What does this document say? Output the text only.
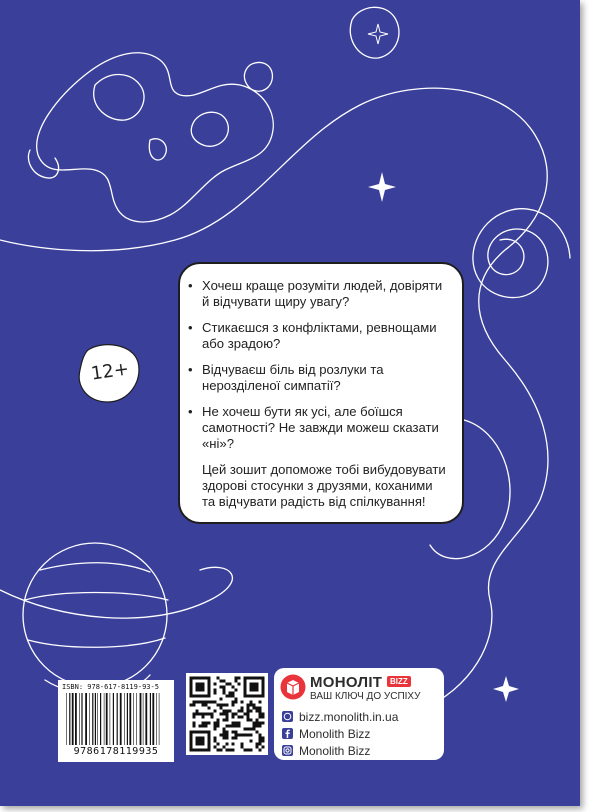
12+
• Хочеш краще розуміти людей, довіряти й відчувати щиру увагу?
• Стикаєшся з конфліктами, ревнощами або зрадою?
• Відчуваєш біль від розлуки та нерозділеної симпатії?
• Не хочеш бути як усі, але боїшся самотності? Не завжди можеш сказати «ні»?
Цей зошит допоможе тобі вибудовувати здорові стосунки з друзями, коханими та відчувати радість від спілкування!
ISBN: 978-617-8119-93-5
9786178119935
МОНОЛІТ BIZZ
ВАШ КЛЮЧ ДО УСПІХУ
bizz.monolith.in.ua
Monolith Bizz
Monolith Bizz
